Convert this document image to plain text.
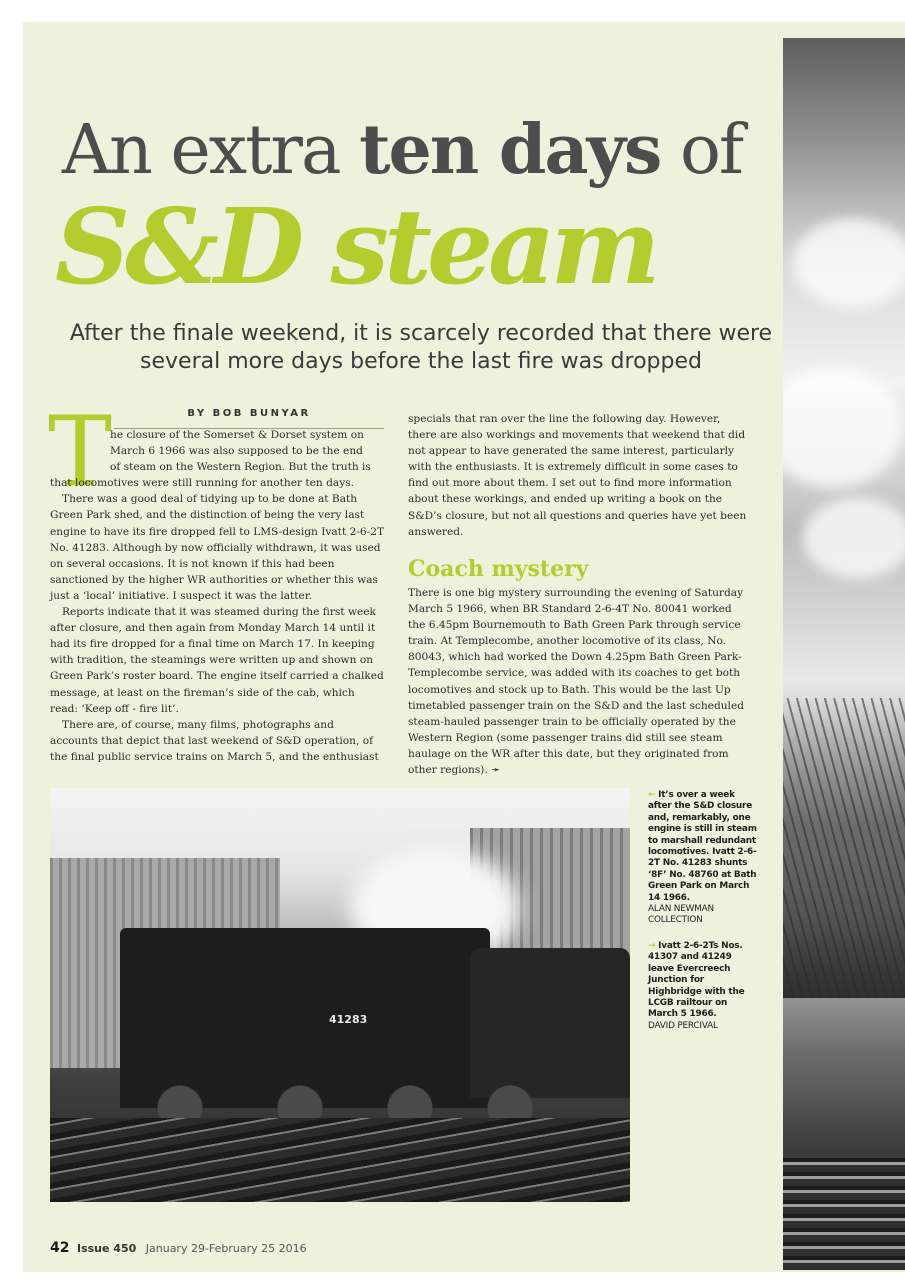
An extra ten days of
S&D steam
After the finale weekend, it is scarcely recorded that there were several more days before the last fire was dropped
BY BOB BUNYAR
T

he closure of the Somerset & Dorset system on

March 6 1966 was also supposed to be the end

of steam on the Western Region. But the truth is

that locomotives were still running for another ten days.

There was a good deal of tidying up to be done at Bath Green Park shed, and the distinction of being the very last engine to have its fire dropped fell to LMS-design Ivatt 2-6-2T No. 41283. Although by now officially withdrawn, it was used on several occasions. It is not known if this had been sanctioned by the higher WR authorities or whether this was just a ‘local’ initiative. I suspect it was the latter.

Reports indicate that it was steamed during the first week after closure, and then again from Monday March 14 until it had its fire dropped for a final time on March 17. In keeping with tradition, the steamings were written up and shown on Green Park’s roster board. The engine itself carried a chalked message, at least on the fireman’s side of the cab, which read: ‘Keep off - fire lit’.

There are, of course, many films, photographs and accounts that depict that last weekend of S&D operation, of the final public service trains on March 5, and the enthusiast

specials that ran over the line the following day. However, there are also workings and movements that weekend that did not appear to have generated the same interest, particularly with the enthusiasts. It is extremely difficult in some cases to find out more about them. I set out to find more information about these workings, and ended up writing a book on the S&D’s closure, but not all questions and queries have yet been answered.

Coach mystery

There is one big mystery surrounding the evening of Saturday March 5 1966, when BR Standard 2-6-4T No. 80041 worked the 6.45pm Bournemouth to Bath Green Park through service train. At Templecombe, another locomotive of its class, No. 80043, which had worked the Down 4.25pm Bath Green Park-Templecombe service, was added with its coaches to get both locomotives and stock up to Bath. This would be the last Up timetabled passenger train on the S&D and the last scheduled steam-hauled passenger train to be officially operated by the Western Region (some passenger trains did still see steam haulage on the WR after this date, but they originated from other regions). ➛

41283

← It’s over a week after the S&D closure and, remarkably, one engine is still in steam to marshall redundant locomotives. Ivatt 2-6-2T No. 41283 shunts ‘8F’ No. 48760 at Bath Green Park on March 14 1966.
ALAN NEWMAN COLLECTION

→ Ivatt 2-6-2Ts Nos. 41307 and 41249 leave Evercreech Junction for Highbridge with the LCGB railtour on March 5 1966.
DAVID PERCIVAL

42 Issue 450 January 29-February 25 2016
